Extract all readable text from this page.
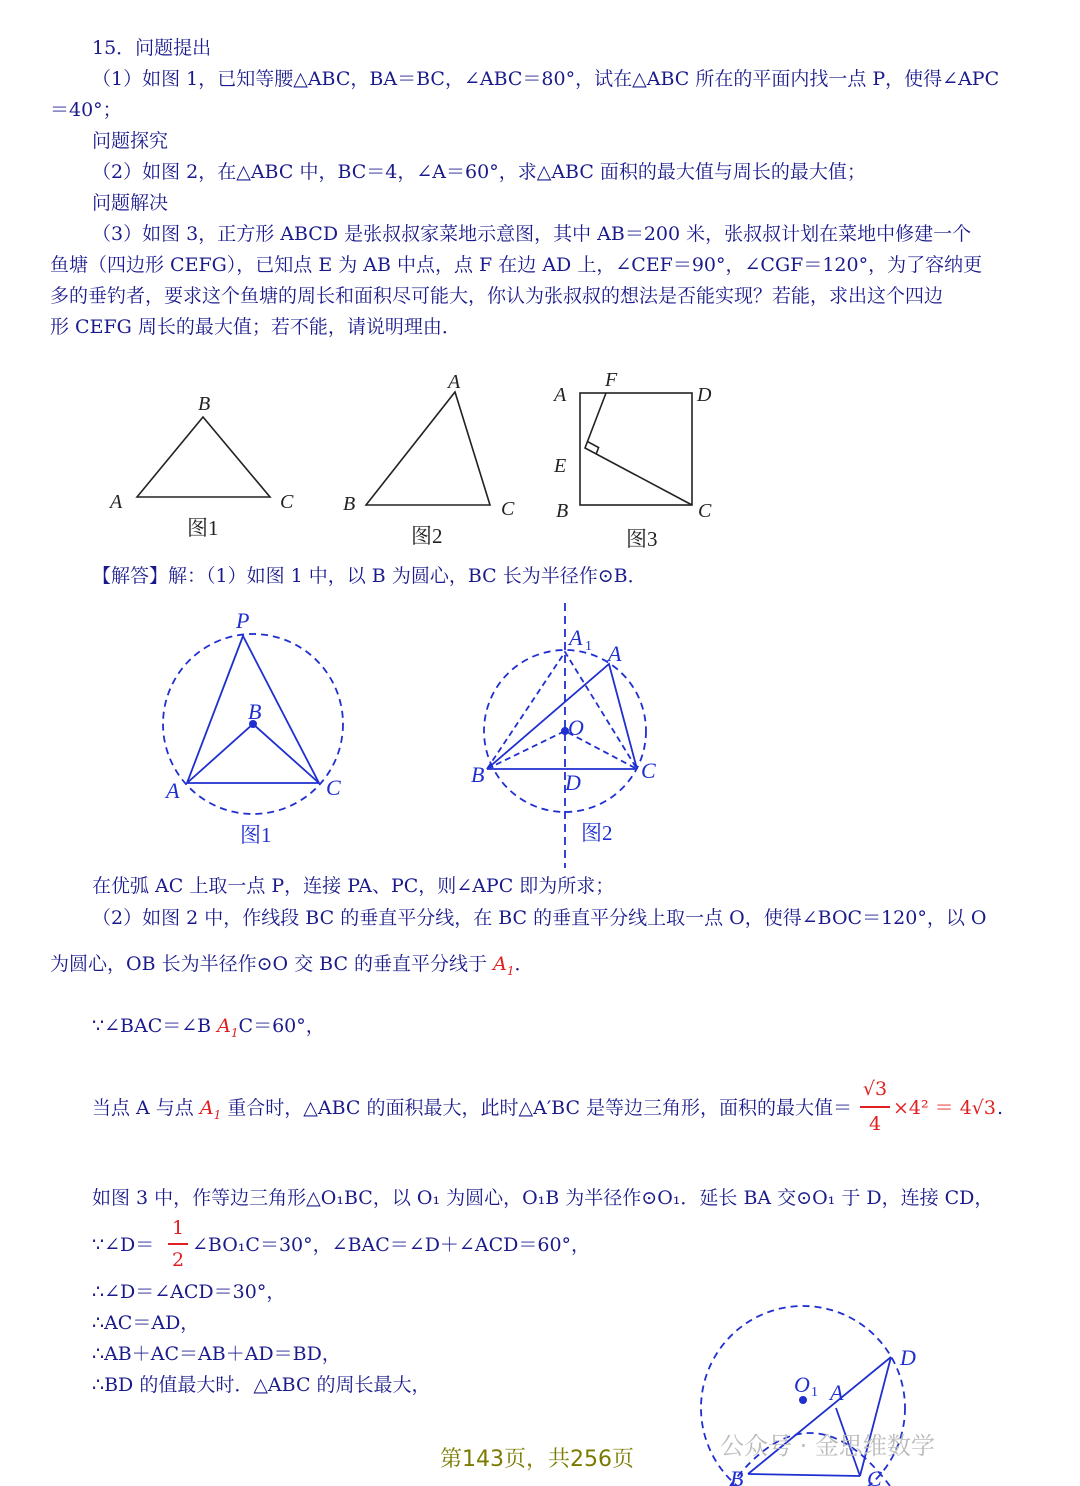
15．问题提出
（1）如图 1，已知等腰△ABC，BA＝BC，∠ABC＝80°，试在△ABC 所在的平面内找一点 P，使得∠APC
＝40°；
问题探究
（2）如图 2，在△ABC 中，BC＝4，∠A＝60°，求△ABC 面积的最大值与周长的最大值；
问题解决
（3）如图 3，正方形 ABCD 是张叔叔家菜地示意图，其中 AB＝200 米，张叔叔计划在菜地中修建一个
鱼塘（四边形 CEFG），已知点 E 为 AB 中点，点 F 在边 AD 上，∠CEF＝90°，∠CGF＝120°，为了容纳更
多的垂钓者，要求这个鱼塘的周长和面积尽可能大，你认为张叔叔的想法是否能实现？若能，求出这个四边
形 CEFG 周长的最大值；若不能，请说明理由．
A
B
C B
A
C
A
F
D
E
B	C
图1	图2	图3
【解答】解：（1）如图 1 中，以 B 为圆心，BC 长为半径作⊙B．
P
B
A	C
A 1 A
O
B	C
D
图1	图2
在优弧 AC 上取一点 P，连接 PA、PC，则∠APC 即为所求；
（2）如图 2 中，作线段 BC 的垂直平分线，在 BC 的垂直平分线上取一点 O，使得∠BOC＝120°，以 O
为圆心，OB 长为半径作⊙O 交 BC 的垂直平分线于 $A_1$．
∵∠BAC＝∠B $A_1C=60^\circ$，
当点 A 与点 $A_1$ 重合时，△ABC 的面积最大，此时△A′BC 是等边三角形，面积的最大值＝
√3
4
×4² ＝ 4√3 .
如图 3 中，作等边三角形△O₁BC，以 O₁ 为圆心，O₁B 为半径作⊙O₁．延长 BA 交⊙O₁ 于 D，连接 CD，
∵∠D＝
1
2
∠BO₁C＝30°，∠BAC＝∠D＋∠ACD＝60°，
∴∠D＝∠ACD＝30°，
∴AC＝AD，
∴AB＋AC＝AB＋AD＝BD，
∴BD 的值最大时．△ABC 的周长最大，
D
O 1 A
B	C
公众号 · 金思维数学
第143页，共256页
